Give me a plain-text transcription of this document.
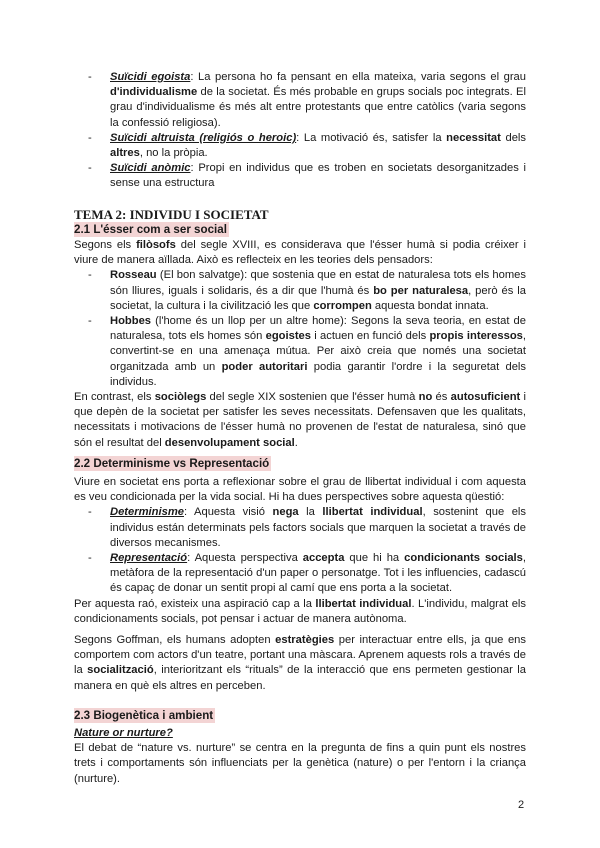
- Suïcidi egoista: La persona ho fa pensant en ella mateixa, varia segons el grau d'individualisme de la societat. És més probable en grups socials poc integrats. El grau d'individualisme és més alt entre protestants que entre catòlics (varia segons la confessió religiosa).
- Suïcidi altruista (religiós o heroic): La motivació és, satisfer la necessitat dels altres, no la pròpia.
- Suïcidi anòmic: Propi en individus que es troben en societats desorganitzades i sense una estructura
TEMA 2: INDIVIDU I SOCIETAT
2.1 L'ésser com a ser social

Segons els filòsofs del segle XVIII, es considerava que l'ésser humà si podia créixer i viure de manera aïllada. Això es reflecteix en les teories dels pensadors:

- Rosseau (El bon salvatge): que sostenia que en estat de naturalesa tots els homes són lliures, iguals i solidaris, és a dir que l'humà és bo per naturalesa, però és la societat, la cultura i la civilització les que corrompen aquesta bondat innata.
- Hobbes (l'home és un llop per un altre home): Segons la seva teoria, en estat de naturalesa, tots els homes són egoistes i actuen en funció dels propis interessos, convertint-se en una amenaça mútua. Per això creia que només una societat organitzada amb un poder autoritari podia garantir l'ordre i la seguretat dels individus.

En contrast, els sociòlegs del segle XIX sostenien que l'ésser humà no és autosuficient i que depèn de la societat per satisfer les seves necessitats. Defensaven que les qualitats, necessitats i motivacions de l'ésser humà no provenen de l'estat de naturalesa, sinó que són el resultat del desenvolupament social.

2.2 Determinisme vs Representació

Viure en societat ens porta a reflexionar sobre el grau de llibertat individual i com aquesta es veu condicionada per la vida social. Hi ha dues perspectives sobre aquesta qüestió:

- Determinisme: Aquesta visió nega la llibertat individual, sostenint que els individus están determinats pels factors socials que marquen la societat a través de diversos mecanismes.
- Representació: Aquesta perspectiva accepta que hi ha condicionants socials, metàfora de la representació d'un paper o personatge. Tot i les influencies, cadascú és capaç de donar un sentit propi al camí que ens porta a la societat.

Per aquesta raó, existeix una aspiració cap a la llibertat individual. L'individu, malgrat els condicionaments socials, pot pensar i actuar de manera autònoma.

Segons Goffman, els humans adopten estratègies per interactuar entre ells, ja que ens comportem com actors d'un teatre, portant una màscara. Aprenem aquests rols a través de la socialització, interioritzant els “rituals” de la interacció que ens permeten gestionar la manera en què els altres en perceben.

2.3 Biogenètica i ambient

Nature or nurture?

El debat de “nature vs. nurture” se centra en la pregunta de fins a quin punt els nostres trets i comportaments són influenciats per la genètica (nature) o per l'entorn i la criança (nurture).

2
